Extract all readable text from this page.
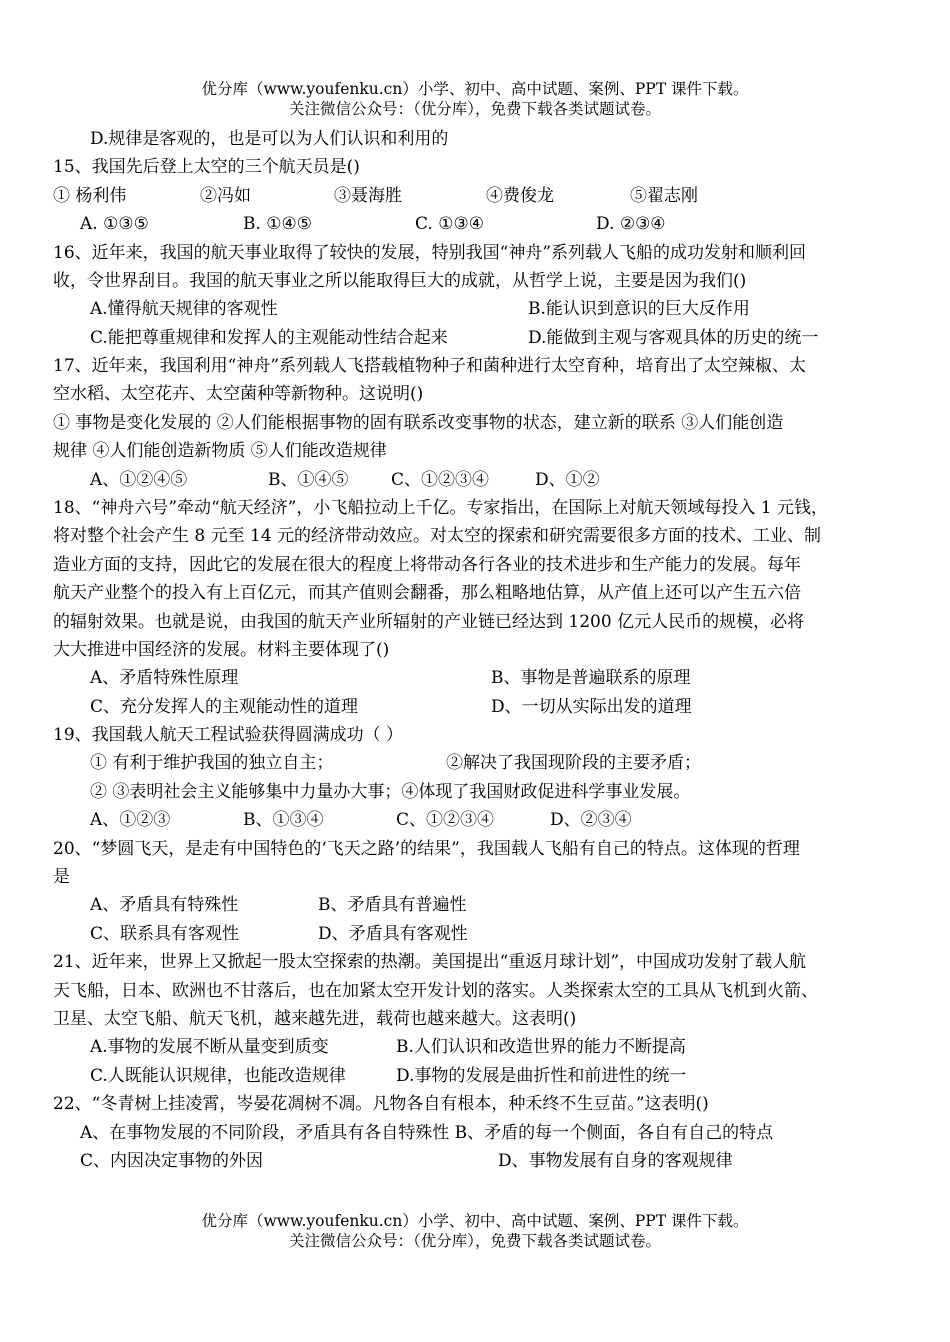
优分库（www.youfenku.cn）小学、初中、高中试题、案例、PPT 课件下载。
关注微信公众号：（优分库），免费下载各类试题试卷。
D.规律是客观的，也是可以为人们认识和利用的
15、我国先后登上太空的三个航天员是()
① 杨利伟	②冯如	③聂海胜	④费俊龙	⑤翟志刚
A. ①③⑤	B. ①④⑤	C. ①③④	D. ②③④
16、近年来，我国的航天事业取得了较快的发展，特别我国“神舟”系列载人飞船的成功发射和顺利回
收，令世界刮目。我国的航天事业之所以能取得巨大的成就，从哲学上说，主要是因为我们()
A.懂得航天规律的客观性	B.能认识到意识的巨大反作用
C.能把尊重规律和发挥人的主观能动性结合起来	D.能做到主观与客观具体的历史的统一
17、近年来，我国利用“神舟”系列载人飞搭载植物种子和菌种进行太空育种，培育出了太空辣椒、太
空水稻、太空花卉、太空菌种等新物种。这说明()
① 事物是变化发展的 ②人们能根据事物的固有联系改变事物的状态，建立新的联系 ③人们能创造
规律 ④人们能创造新物质 ⑤人们能改造规律
A、①②④⑤	B、①④⑤	C、①②③④	D、①②
18、“神舟六号”牵动“航天经济”，小飞船拉动上千亿。专家指出，在国际上对航天领域每投入 1 元钱，
将对整个社会产生 8 元至 14 元的经济带动效应。对太空的探索和研究需要很多方面的技术、工业、制
造业方面的支持，因此它的发展在很大的程度上将带动各行各业的技术进步和生产能力的发展。每年
航天产业整个的投入有上百亿元，而其产值则会翻番，那么粗略地估算，从产值上还可以产生五六倍
的辐射效果。也就是说，由我国的航天产业所辐射的产业链已经达到 1200 亿元人民币的规模，必将
大大推进中国经济的发展。材料主要体现了()
A、矛盾特殊性原理	B、事物是普遍联系的原理
C、充分发挥人的主观能动性的道理	D、一切从实际出发的道理
19、我国载人航天工程试验获得圆满成功（ ）
① 有利于维护我国的独立自主；	②解决了我国现阶段的主要矛盾；
② ③表明社会主义能够集中力量办大事；④体现了我国财政促进科学事业发展。
A、①②③	B、①③④	C、①②③④	D、②③④
20、“梦圆飞天，是走有中国特色的‘飞天之路’的结果”，我国载人飞船有自己的特点。这体现的哲理
是
A、矛盾具有特殊性	B、矛盾具有普遍性
C、联系具有客观性	D、矛盾具有客观性
21、近年来，世界上又掀起一股太空探索的热潮。美国提出“重返月球计划”，中国成功发射了载人航
天飞船，日本、欧洲也不甘落后，也在加紧太空开发计划的落实。人类探索太空的工具从飞机到火箭、
卫星、太空飞船、航天飞机，越来越先进，载荷也越来越大。这表明()
A.事物的发展不断从量变到质变	B.人们认识和改造世界的能力不断提高
C.人既能认识规律，也能改造规律	D.事物的发展是曲折性和前进性的统一
22、“冬青树上挂凌霄，岑晏花凋树不凋。凡物各自有根本，种禾终不生豆苗。”这表明()
A、在事物发展的不同阶段，矛盾具有各自特殊性 B、矛盾的每一个侧面，各自有自己的特点
C、内因决定事物的外因	D、事物发展有自身的客观规律
优分库（www.youfenku.cn）小学、初中、高中试题、案例、PPT 课件下载。
关注微信公众号：（优分库），免费下载各类试题试卷。
